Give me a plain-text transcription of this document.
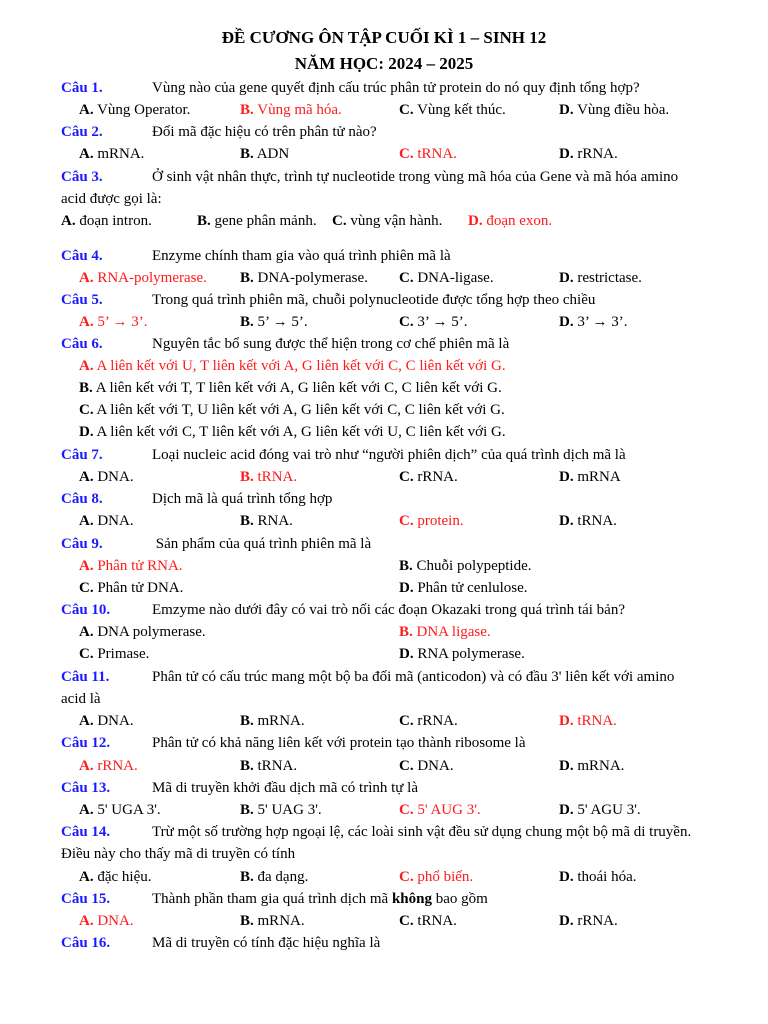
ĐỀ CƯƠNG ÔN TẬP CUỐI KÌ 1 – SINH 12
NĂM HỌC: 2024 – 2025
Câu 1.	Vùng nào của gene quyết định cấu trúc phân tử protein do nó quy định tổng hợp?
A. Vùng Operator.	B. Vùng mã hóa.	C. Vùng kết thúc.	D. Vùng điều hòa.
Câu 2.	Đối mã đặc hiệu có trên phân tử nào?
A. mRNA.	B. ADN	C. tRNA.	D. rRNA.
Câu 3.	Ở sinh vật nhân thực, trình tự nucleotide trong vùng mã hóa của Gene và mã hóa amino
acid được gọi là:
A. đoạn intron.	B. gene phân mảnh. C. vùng vận hành. D. đoạn exon.
Câu 4.	Enzyme chính tham gia vào quá trình phiên mã là
A. RNA-polymerase. B. DNA-polymerase. C. DNA-ligase.	D. restrictase.
Câu 5.	Trong quá trình phiên mã, chuỗi polynucleotide được tổng hợp theo chiều
A. 5’ → 3’.	B. 5’ → 5’.	C. 3’ → 5’.	D. 3’ → 3’.
Câu 6.	Nguyên tắc bổ sung được thể hiện trong cơ chế phiên mã là
A. A liên kết với U, T liên kết với A, G liên kết với C, C liên kết với G.
B. A liên kết với T, T liên kết với A, G liên kết với C, C liên kết với G.
C. A liên kết với T, U liên kết với A, G liên kết với C, C liên kết với G.
D. A liên kết với C, T liên kết với A, G liên kết với U, C liên kết với G.
Câu 7.	Loại nucleic acid đóng vai trò như “người phiên dịch” của quá trình dịch mã là
A. DNA.	B. tRNA.	C. rRNA.	D. mRNA
Câu 8.	Dịch mã là quá trình tổng hợp
A. DNA.	B. RNA.	C. protein.	D. tRNA.
Câu 9.	Sản phẩm của quá trình phiên mã là
A. Phân tử RNA.	B. Chuỗi polypeptide.
C. Phân tử DNA.	D. Phân tử cenlulose.
Câu 10.	Emzyme nào dưới đây có vai trò nối các đoạn Okazaki trong quá trình tái bản?
A. DNA polymerase.	B. DNA ligase.
C. Primase.	D. RNA polymerase.
Câu 11.	Phân tử có cấu trúc mang một bộ ba đối mã (anticodon) và có đầu 3' liên kết với amino
acid là
A. DNA.	B. mRNA.	C. rRNA.	D. tRNA.
Câu 12.	Phân tử có khả năng liên kết với protein tạo thành ribosome là
A. rRNA.	B. tRNA.	C. DNA.	D. mRNA.
Câu 13.	Mã di truyền khởi đầu dịch mã có trình tự là
A. 5' UGA 3'.	B. 5' UAG 3'.	C. 5' AUG 3'.	D. 5' AGU 3'.
Câu 14.	Trừ một số trường hợp ngoại lệ, các loài sinh vật đều sử dụng chung một bộ mã di truyền.
Điều này cho thấy mã di truyền có tính
A. đặc hiệu.	B. đa dạng.	C. phổ biến.	D. thoái hóa.
Câu 15.	Thành phần tham gia quá trình dịch mã không bao gồm
A. DNA.	B. mRNA.	C. tRNA.	D. rRNA.
Câu 16.	Mã di truyền có tính đặc hiệu nghĩa là
